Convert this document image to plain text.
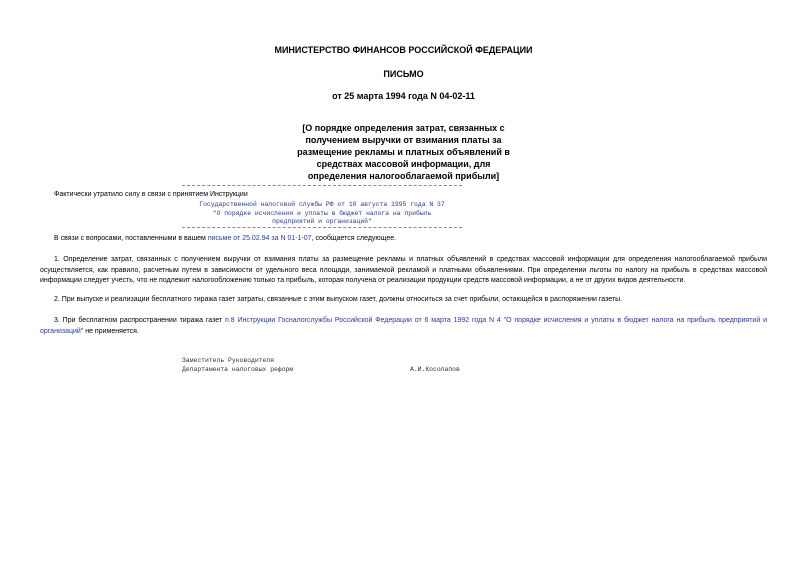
МИНИСТЕРСТВО ФИНАНСОВ РОССИЙСКОЙ ФЕДЕРАЦИИ
ПИСЬМО
от 25 марта 1994 года N 04-02-11
[О порядке определения затрат, связанных с получением выручки от взимания платы за размещение рекламы и платных объявлений в средствах массовой информации, для определения налогооблагаемой прибыли]
Фактически утратило силу в связи с принятием Инструкции
Государственной налоговой службы РФ от 10 августа 1995 года N 37
"О порядке исчисления и уплаты в бюджет налога на прибыль
предприятий и организаций"
В связи с вопросами, поставленными в вашем письме от 25.02.94 за N 01-1-07, сообщается следующее.
1. Определение затрат, связанных с получением выручки от взимания платы за размещение рекламы и платных объявлений в средствах массовой информации для определения налогооблагаемой прибыли осуществляется, как правило, расчетным путем в зависимости от удельного веса площади, занимаемой рекламой и платными объявлениями. При определении льготы по налогу на прибыль в средствах массовой информации следует учесть, что не подлежит налогообложению только та прибыль, которая получена от реализации продукции средств массовой информации, а не от других видов деятельности.
2. При выпуске и реализации бесплатного тиража газет затраты, связанные с этим выпуском газет, должны относиться за счет прибыли, остающейся в распоряжении газеты.
3. При бесплатном распространении тиража газет п.8 Инструкции Госналогслужбы Российской Федерации от 6 марта 1992 года N 4 "О порядке исчисления и уплаты в бюджет налога на прибыль предприятий и организаций" не применяется.
Заместитель Руководителя
Департамента налоговых реформ	А.И.Косолапов
